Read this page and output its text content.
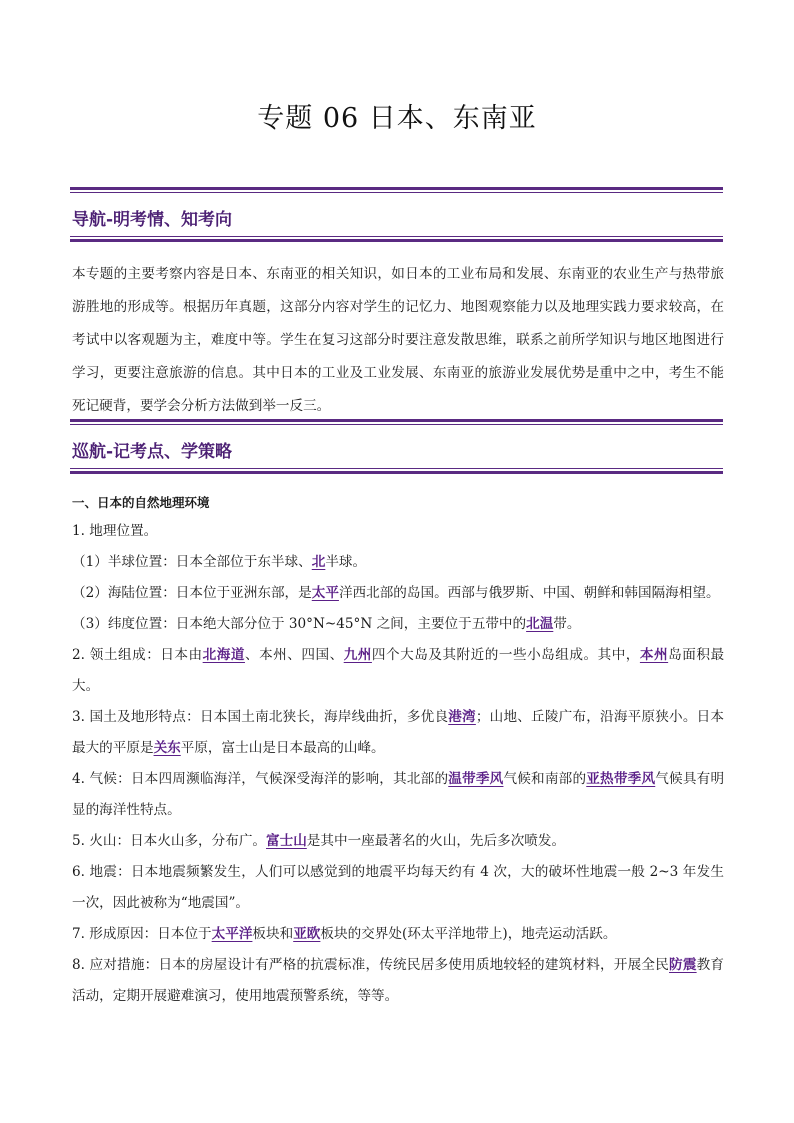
专题 06 日本、东南亚
导航-明考情、知考向
本专题的主要考察内容是日本、东南亚的相关知识，如日本的工业布局和发展、东南亚的农业生产与热带旅游胜地的形成等。根据历年真题，这部分内容对学生的记忆力、地图观察能力以及地理实践力要求较高，在考试中以客观题为主，难度中等。学生在复习这部分时要注意发散思维，联系之前所学知识与地区地图进行学习，更要注意旅游的信息。其中日本的工业及工业发展、东南亚的旅游业发展优势是重中之中，考生不能死记硬背，要学会分析方法做到举一反三。
巡航-记考点、学策略
一、日本的自然地理环境

1. 地理位置。

（1）半球位置：日本全部位于东半球、北半球。

（2）海陆位置：日本位于亚洲东部，是太平洋西北部的岛国。西部与俄罗斯、中国、朝鲜和韩国隔海相望。

（3）纬度位置：日本绝大部分位于 30°N~45°N 之间，主要位于五带中的北温带。

2. 领土组成：日本由北海道、本州、四国、九州四个大岛及其附近的一些小岛组成。其中，本州岛面积最大。

3. 国土及地形特点：日本国土南北狭长，海岸线曲折，多优良港湾；山地、丘陵广布，沿海平原狭小。日本最大的平原是关东平原，富士山是日本最高的山峰。

4. 气候：日本四周濒临海洋，气候深受海洋的影响，其北部的温带季风气候和南部的亚热带季风气候具有明显的海洋性特点。

5. 火山：日本火山多，分布广。富士山是其中一座最著名的火山，先后多次喷发。

6. 地震：日本地震频繁发生，人们可以感觉到的地震平均每天约有 4 次，大的破坏性地震一般 2~3 年发生一次，因此被称为“地震国”。

7. 形成原因：日本位于太平洋板块和亚欧板块的交界处(环太平洋地带上)，地壳运动活跃。

8. 应对措施：日本的房屋设计有严格的抗震标准，传统民居多使用质地较轻的建筑材料，开展全民防震教育活动，定期开展避难演习，使用地震预警系统，等等。
